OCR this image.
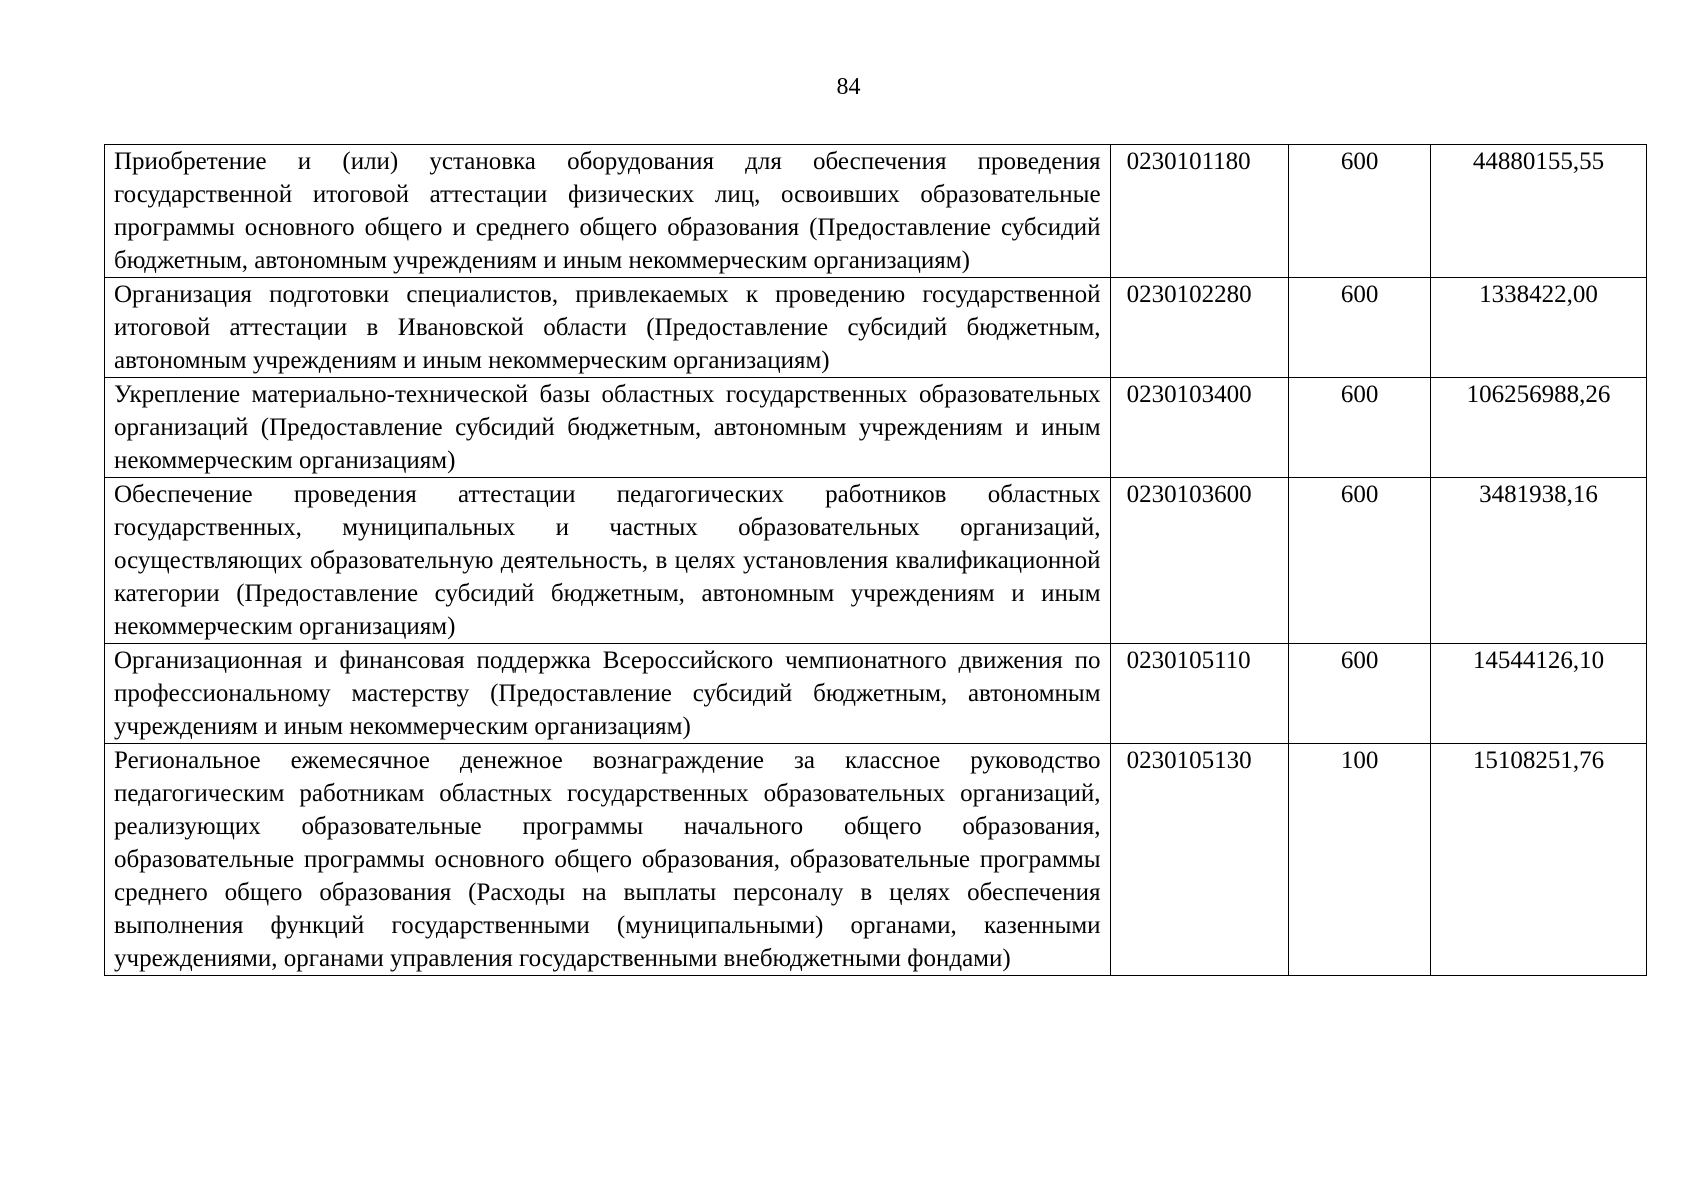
84
Приобретение и (или) установка оборудования для обеспечения проведения государственной итоговой аттестации физических лиц, освоивших образовательные программы основного общего и среднего общего образования (Предоставление субсидий бюджетным, автономным учреждениям и иным некоммерческим организациям)	0230101180	600	44880155,55
Организация подготовки специалистов, привлекаемых к проведению государственной итоговой аттестации в Ивановской области (Предоставление субсидий бюджетным, автономным учреждениям и иным некоммерческим организациям)	0230102280	600	1338422,00
Укрепление материально-технической базы областных государственных образовательных организаций (Предоставление субсидий бюджетным, автономным учреждениям и иным некоммерческим организациям)	0230103400	600	106256988,26
Обеспечение проведения аттестации педагогических работников областных государственных, муниципальных и частных образовательных организаций, осуществляющих образовательную деятельность, в целях установления квалификационной категории (Предоставление субсидий бюджетным, автономным учреждениям и иным некоммерческим организациям)	0230103600	600	3481938,16
Организационная и финансовая поддержка Всероссийского чемпионатного движения по профессиональному мастерству (Предоставление субсидий бюджетным, автономным учреждениям и иным некоммерческим организациям)	0230105110	600	14544126,10
Региональное ежемесячное денежное вознаграждение за классное руководство педагогическим работникам областных государственных образовательных организаций, реализующих образовательные программы начального общего образования, образовательные программы основного общего образования, образовательные программы среднего общего образования (Расходы на выплаты персоналу в целях обеспечения выполнения функций государственными (муниципальными) органами, казенными учреждениями, органами управления государственными внебюджетными фондами)	0230105130	100	15108251,76
